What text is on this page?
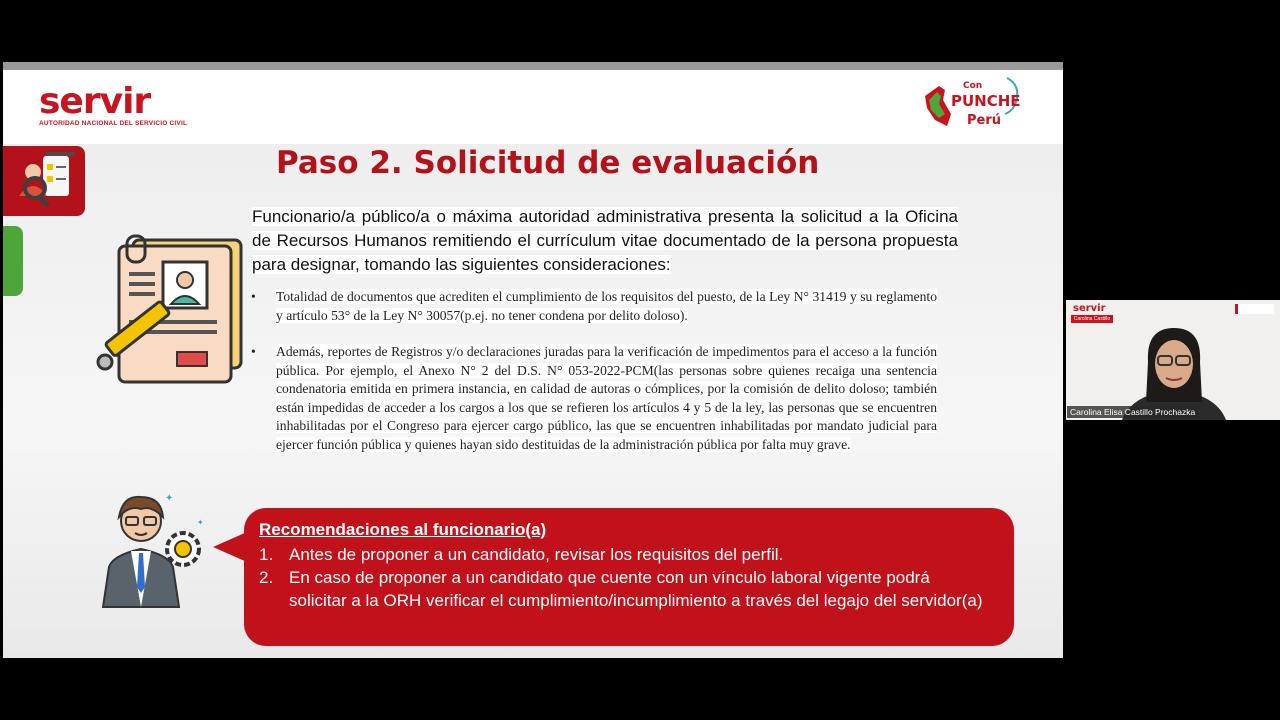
servir
AUTORIDAD NACIONAL DEL SERVICIO CIVIL
Con
PUNCHE
Perú
Paso 2. Solicitud de evaluación
Funcionario/a público/a o máxima autoridad administrativa presenta la solicitud a la Oficina de Recursos Humanos remitiendo el currículum vitae documentado de la persona propuesta para designar, tomando las siguientes consideraciones:
• Totalidad de documentos que acrediten el cumplimiento de los requisitos del puesto, de la Ley N° 31419 y su reglamento y artículo 53° de la Ley N° 30057(p.ej. no tener condena por delito doloso).
• Además, reportes de Registros y/o declaraciones juradas para la verificación de impedimentos para el acceso a la función pública. Por ejemplo, el Anexo N° 2 del D.S. N° 053-2022-PCM(las personas sobre quienes recaiga una sentencia condenatoria emitida en primera instancia, en calidad de autoras o cómplices, por la comisión de delito doloso; también están impedidas de acceder a los cargos a los que se refieren los artículos 4 y 5 de la ley, las personas que se encuentren inhabilitadas por el Congreso para ejercer cargo público, las que se encuentren inhabilitadas por mandato judicial para ejercer función pública y quienes hayan sido destituidas de la administración pública por falta muy grave.
✦
✦	Recomendaciones al funcionario(a)
1. Antes de proponer a un candidato, revisar los requisitos del perfil.
2. En caso de proponer a un candidato que cuente con un vínculo laboral vigente podrá solicitar a la ORH verificar el cumplimiento/incumplimiento a través del legajo del servidor(a)
servir
Carolina Castillo
Carolina Elisa Castillo Prochazka
